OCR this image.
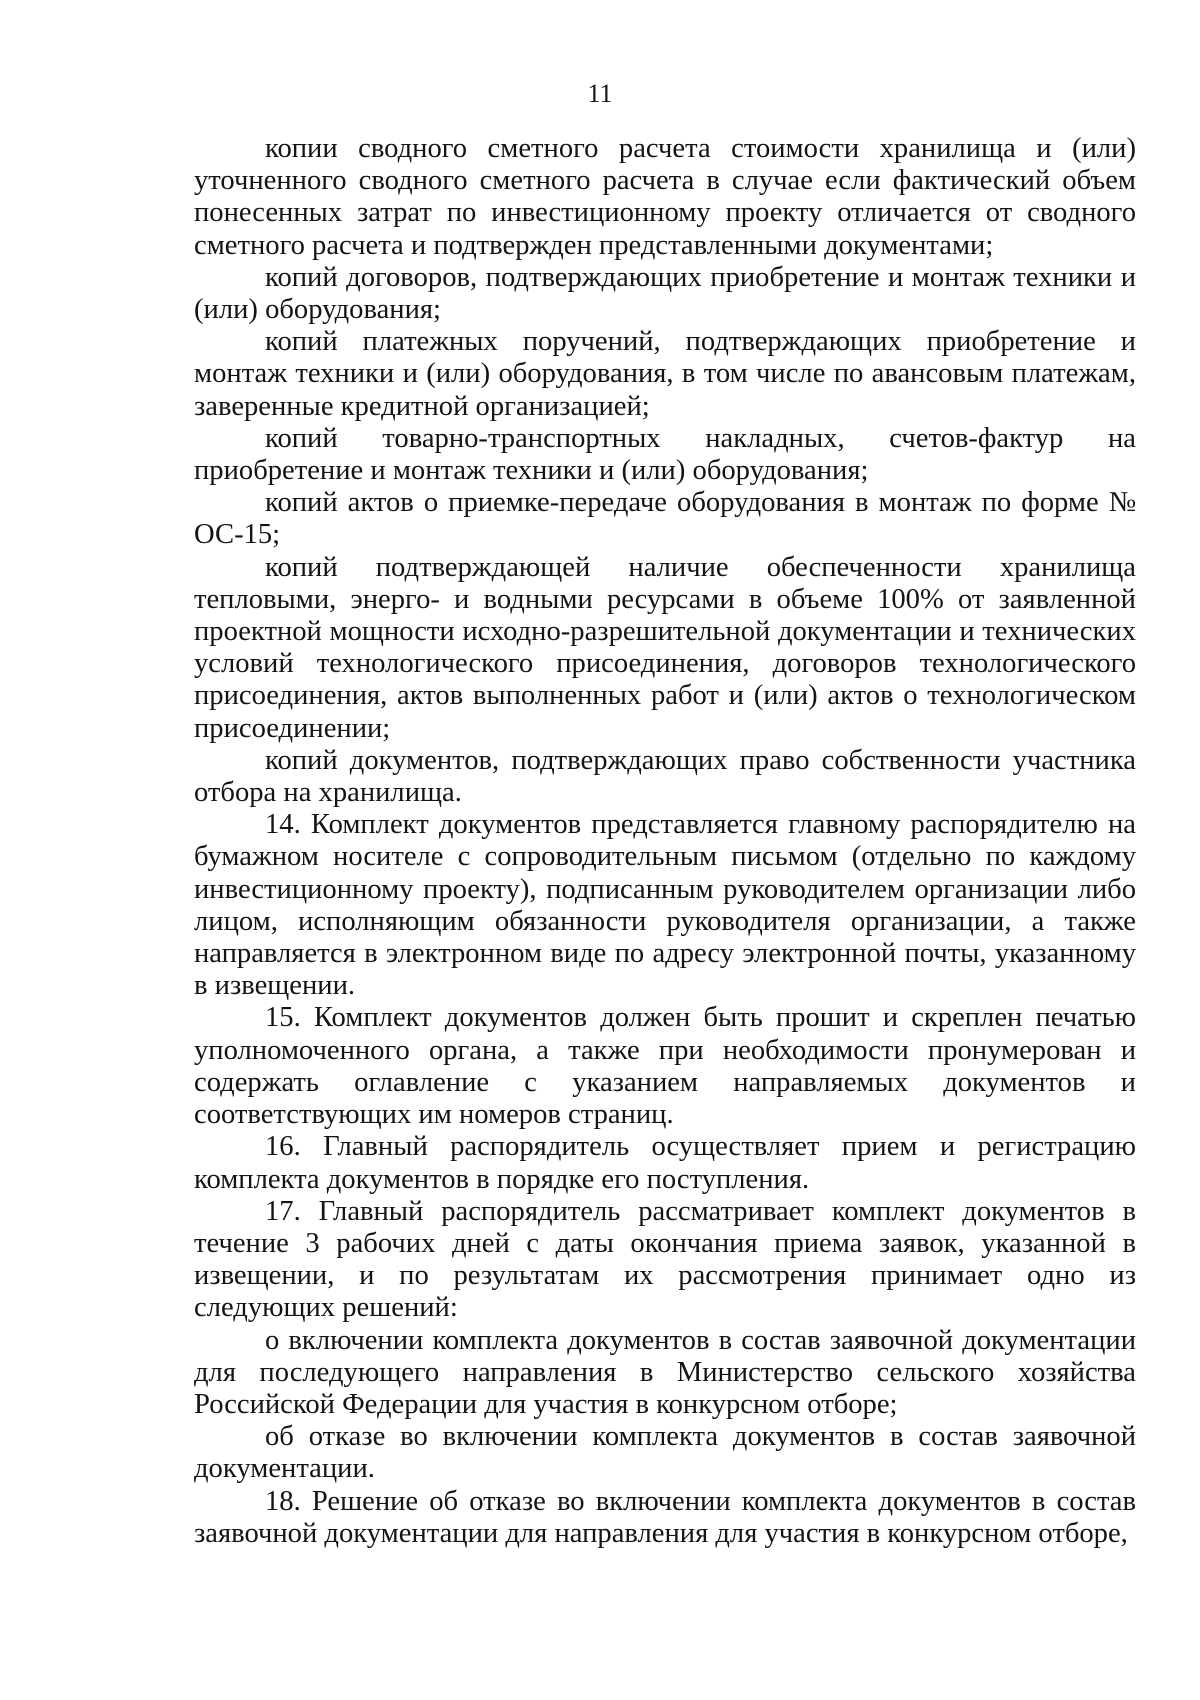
11

копии сводного сметного расчета стоимости хранилища и (или) уточненного сводного сметного расчета в случае если фактический объем понесенных затрат по инвестиционному проекту отличается от сводного сметного расчета и подтвержден представленными документами;

копий договоров, подтверждающих приобретение и монтаж техники и (или) оборудования;

копий платежных поручений, подтверждающих приобретение и монтаж техники и (или) оборудования, в том числе по авансовым платежам, заверенные кредитной организацией;

копий товарно-транспортных накладных, счетов-фактур на приобретение и монтаж техники и (или) оборудования;

копий актов о приемке-передаче оборудования в монтаж по форме № ОС-15;

копий подтверждающей наличие обеспеченности хранилища тепловыми, энерго- и водными ресурсами в объеме 100% от заявленной проектной мощности исходно-разрешительной документации и технических условий технологического присоединения, договоров технологического присоединения, актов выполненных работ и (или) актов о технологическом присоединении;

копий документов, подтверждающих право собственности участника отбора на хранилища.

14. Комплект документов представляется главному распорядителю на бумажном носителе с сопроводительным письмом (отдельно по каждому инвестиционному проекту), подписанным руководителем организации либо лицом, исполняющим обязанности руководителя организации, а также направляется в электронном виде по адресу электронной почты, указанному в извещении.

15. Комплект документов должен быть прошит и скреплен печатью уполномоченного органа, а также при необходимости пронумерован и содержать оглавление с указанием направляемых документов и соответствующих им номеров страниц.

16. Главный распорядитель осуществляет прием и регистрацию комплекта документов в порядке его поступления.

17. Главный распорядитель рассматривает комплект документов в течение 3 рабочих дней с даты окончания приема заявок, указанной в извещении, и по результатам их рассмотрения принимает одно из следующих решений:

о включении комплекта документов в состав заявочной документации для последующего направления в Министерство сельского хозяйства Российской Федерации для участия в конкурсном отборе;

об отказе во включении комплекта документов в состав заявочной документации.

18. Решение об отказе во включении комплекта документов в состав заявочной документации для направления для участия в конкурсном отборе,
